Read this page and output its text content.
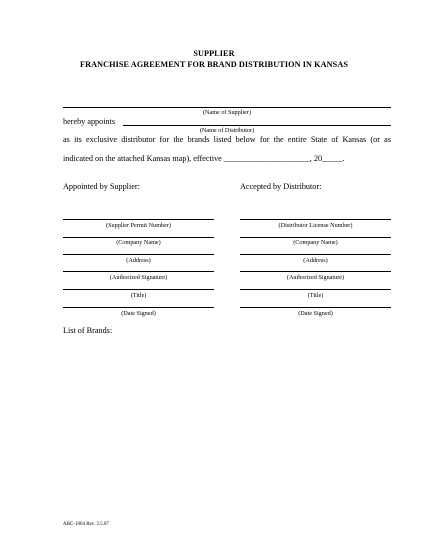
SUPPLIER
FRANCHISE AGREEMENT FOR BRAND DISTRIBUTION IN KANSAS
(Name of Supplier)
hereby appoints
(Name of Distributor)
as its exclusive distributor for the brands listed below for the entire State of Kansas (or as
indicated on the attached Kansas map), effective _____________________, 20_____.
Appointed by Supplier:	Accepted by Distributor:
(Supplier Permit Number)
(Company Name)
(Address)
(Authorized Signature)
(Title)
(Date Signed)
(Distributor License Number)
(Company Name)
(Address)
(Authorized Signature)
(Title)
(Date Signed)
List of Brands:
ABC-1004 Rev. 3.5.07
